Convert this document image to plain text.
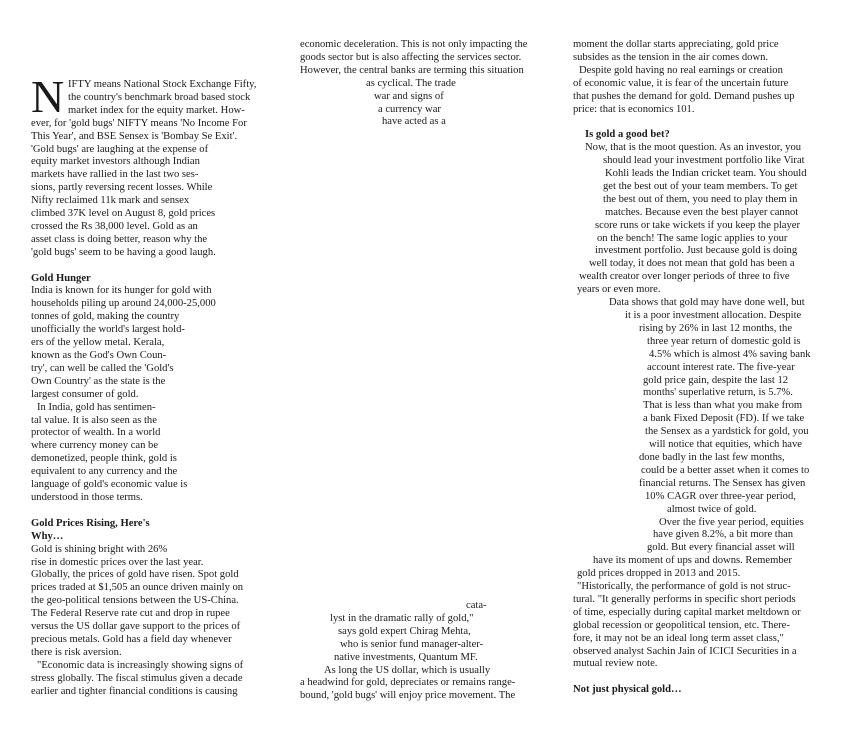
N IFTY means National Stock Exchange Fifty,
the country's benchmark broad based stock
market index for the equity market. How-
ever, for 'gold bugs' NIFTY means 'No Income For
This Year', and BSE Sensex is 'Bombay Se Exit'.
'Gold bugs' are laughing at the expense of
equity market investors although Indian
markets have rallied in the last two ses-
sions, partly reversing recent losses. While
Nifty reclaimed 11k mark and sensex
climbed 37K level on August 8, gold prices
crossed the Rs 38,000 level. Gold as an
asset class is doing better, reason why the
'gold bugs' seem to be having a good laugh.
Gold Hunger
India is known for its hunger for gold with
households piling up around 24,000-25,000
tonnes of gold, making the country
unofficially the world's largest hold-
ers of the yellow metal. Kerala,
known as the God's Own Coun-
try', can well be called the 'Gold's
Own Country' as the state is the
largest consumer of gold.
In India, gold has sentimen-
tal value. It is also seen as the
protector of wealth. In a world
where currency money can be
demonetized, people think, gold is
equivalent to any currency and the
language of gold's economic value is
understood in those terms.
Gold Prices Rising, Here's
Why…
Gold is shining bright with 26%
rise in domestic prices over the last year.
Globally, the prices of gold have risen. Spot gold
prices traded at $1,505 an ounce driven mainly on
the geo-political tensions between the US-China.
The Federal Reserve rate cut and drop in rupee
versus the US dollar gave support to the prices of
precious metals. Gold has a field day whenever
there is risk aversion.
"Economic data is increasingly showing signs of
stress globally. The fiscal stimulus given a decade
earlier and tighter financial conditions is causing
economic deceleration. This is not only impacting the
goods sector but is also affecting the services sector.
However, the central banks are terming this situation
as cyclical. The trade
war and signs of
a currency war
have acted as a
cata-
lyst in the dramatic rally of gold,"
says gold expert Chirag Mehta,
who is senior fund manager-alter-
native investments, Quantum MF.
As long the US dollar, which is usually
a headwind for gold, depreciates or remains range-
bound, 'gold bugs' will enjoy price movement. The
moment the dollar starts appreciating, gold price
subsides as the tension in the air comes down.
Despite gold having no real earnings or creation
of economic value, it is fear of the uncertain future
that pushes the demand for gold. Demand pushes up
price: that is economics 101.
Is gold a good bet?
Now, that is the moot question. As an investor, you
should lead your investment portfolio like Virat
Kohli leads the Indian cricket team. You should
get the best out of your team members. To get
the best out of them, you need to play them in
matches. Because even the best player cannot
score runs or take wickets if you keep the player
on the bench! The same logic applies to your
investment portfolio. Just because gold is doing
well today, it does not mean that gold has been a
wealth creator over longer periods of three to five
years or even more.
Data shows that gold may have done well, but
it is a poor investment allocation. Despite
rising by 26% in last 12 months, the
three year return of domestic gold is
4.5% which is almost 4% saving bank
account interest rate. The five-year
gold price gain, despite the last 12
months' superlative return, is 5.7%.
That is less than what you make from
a bank Fixed Deposit (FD). If we take
the Sensex as a yardstick for gold, you
will notice that equities, which have
done badly in the last few months,
could be a better asset when it comes to
financial returns. The Sensex has given
10% CAGR over three-year period,
almost twice of gold.
Over the five year period, equities
have given 8.2%, a bit more than
gold. But every financial asset will
have its moment of ups and downs. Remember
gold prices dropped in 2013 and 2015.
"Historically, the performance of gold is not struc-
tural. "It generally performs in specific short periods
of time, especially during capital market meltdown or
global recession or geopolitical tension, etc. There-
fore, it may not be an ideal long term asset class,"
observed analyst Sachin Jain of ICICI Securities in a
mutual review note.
Not just physical gold…
